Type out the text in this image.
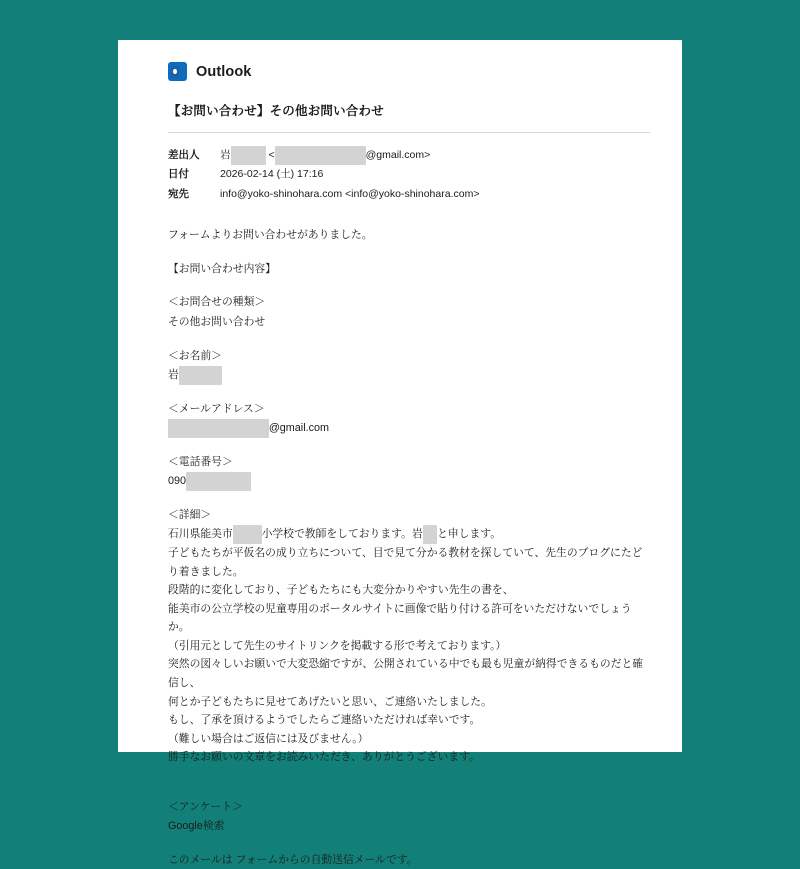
Outlook
【お問い合わせ】その他お問い合わせ
差出人	岩	<	@gmail.com>
日付	2026-02-14 (土) 17:16
宛先	info@yoko-shinohara.com <info@yoko-shinohara.com>
フォームよりお問い合わせがありました。
【お問い合わせ内容】
＜お問合せの種類＞
その他お問い合わせ
＜お名前＞
岩
＜メールアドレス＞
@gmail.com
＜電話番号＞
090
＜詳細＞
石川県能美市	小学校で教師をしております。岩 と申します。
子どもたちが平仮名の成り立ちについて、目で見て分かる教材を探していて、先生のブログにたどり着きました。
段階的に変化しており、子どもたちにも大変分かりやすい先生の書を、
能美市の公立学校の児童専用のポータルサイトに画像で貼り付ける許可をいただけないでしょうか。
（引用元として先生のサイトリンクを掲載する形で考えております。）
突然の図々しいお願いで大変恐縮ですが、公開されている中でも最も児童が納得できるものだと確信し、
何とか子どもたちに見せてあげたいと思い、ご連絡いたしました。
もし、了承を頂けるようでしたらご連絡いただければ幸いです。
（難しい場合はご返信には及びません。）
勝手なお願いの文章をお読みいただき、ありがとうございます。
＜アンケート＞
Google検索
このメールは フォームからの自動送信メールです。
